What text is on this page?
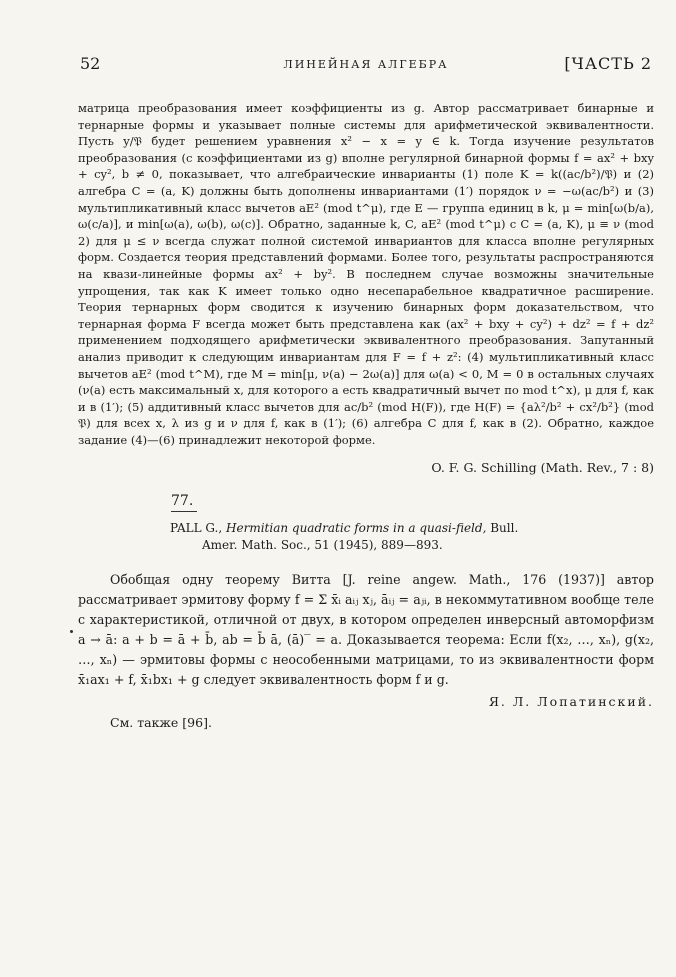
52	ЛИНЕЙНАЯ АЛГЕБРА	[ЧАСТЬ 2
матрица преобразования имеет коэффициенты из g. Автор рассматривает бинарные и тернарные формы и указывает полные системы для арифметической эквивалентности. Пусть y/𝔓 будет решением уравнения x² − x = y ∈ k. Тогда изучение результатов преобразования (с коэффициентами из g) вполне регулярной бинарной формы f = ax² + bxy + cy², b ≠ 0, показывает, что алгебраические инварианты (1) поле K = k((ac/b²)/𝔓) и (2) алгебра C = (a, K) должны быть дополнены инвариантами (1′) порядок ν = −ω(ac/b²) и (3) мультипликативный класс вычетов aE² (mod t^μ), где E — группа единиц в k, μ = min[ω(b/a), ω(c/a)], и min[ω(a), ω(b), ω(c)]. Обратно, заданные k, C, aE² (mod t^μ) с C = (a, K), μ ≡ ν (mod 2) для μ ≤ ν всегда служат полной системой инвариантов для класса вполне регулярных форм. Создается теория представлений формами. Более того, результаты распространяются на квази-линейные формы ax² + by². В последнем случае возможны значительные упрощения, так как K имеет только одно несепарабельное квадратичное расширение. Теория тернарных форм сводится к изучению бинарных форм доказательством, что тернарная форма F всегда может быть представлена как (ax² + bxy + cy²) + dz² = f + dz² применением подходящего арифметически эквивалентного преобразования. Запутанный анализ приводит к следующим инвариантам для F = f + z²: (4) мультипликативный класс вычетов aE² (mod t^M), где M = min[μ, ν(a) − 2ω(a)] для ω(a) < 0, M = 0 в остальных случаях (ν(a) есть максимальный x, для которого a есть квадратичный вычет по mod t^x), μ для f, как и в (1′); (5) аддитивный класс вычетов для ac/b² (mod H(F)), где H(F) = {aλ²/b² + cx²/b²} (mod 𝔓) для всех x, λ из g и ν для f, как в (1′); (6) алгебра C для f, как в (2). Обратно, каждое задание (4)—(6) принадлежит некоторой форме.
O. F. G. Schilling (Math. Rev., 7 : 8)
77.
PALL G., Hermitian quadratic forms in a quasi-field, Bull.
Amer. Math. Soc., 51 (1945), 889—893.
Обобщая одну теорему Витта [J. reine angew. Math., 176 (1937)] автор рассматривает эрмитову форму f = Σ x̄ᵢ aᵢⱼ xⱼ, āᵢⱼ = aⱼᵢ, в некоммутативном вообще теле с характеристикой, отличной от двух, в котором определен инверсный автоморфизм a → ā: a + b = ā + b̄, ab = b̄ ā, (ā)‾ = a. Доказывается теорема: Если f(x₂, …, xₙ), g(x₂, …, xₙ) — эрмитовы формы с неособенными матрицами, то из эквивалентности форм x̄₁ax₁ + f, x̄₁bx₁ + g следует эквивалентность форм f и g.
Я. Л. Лопатинский.
См. также [96].
